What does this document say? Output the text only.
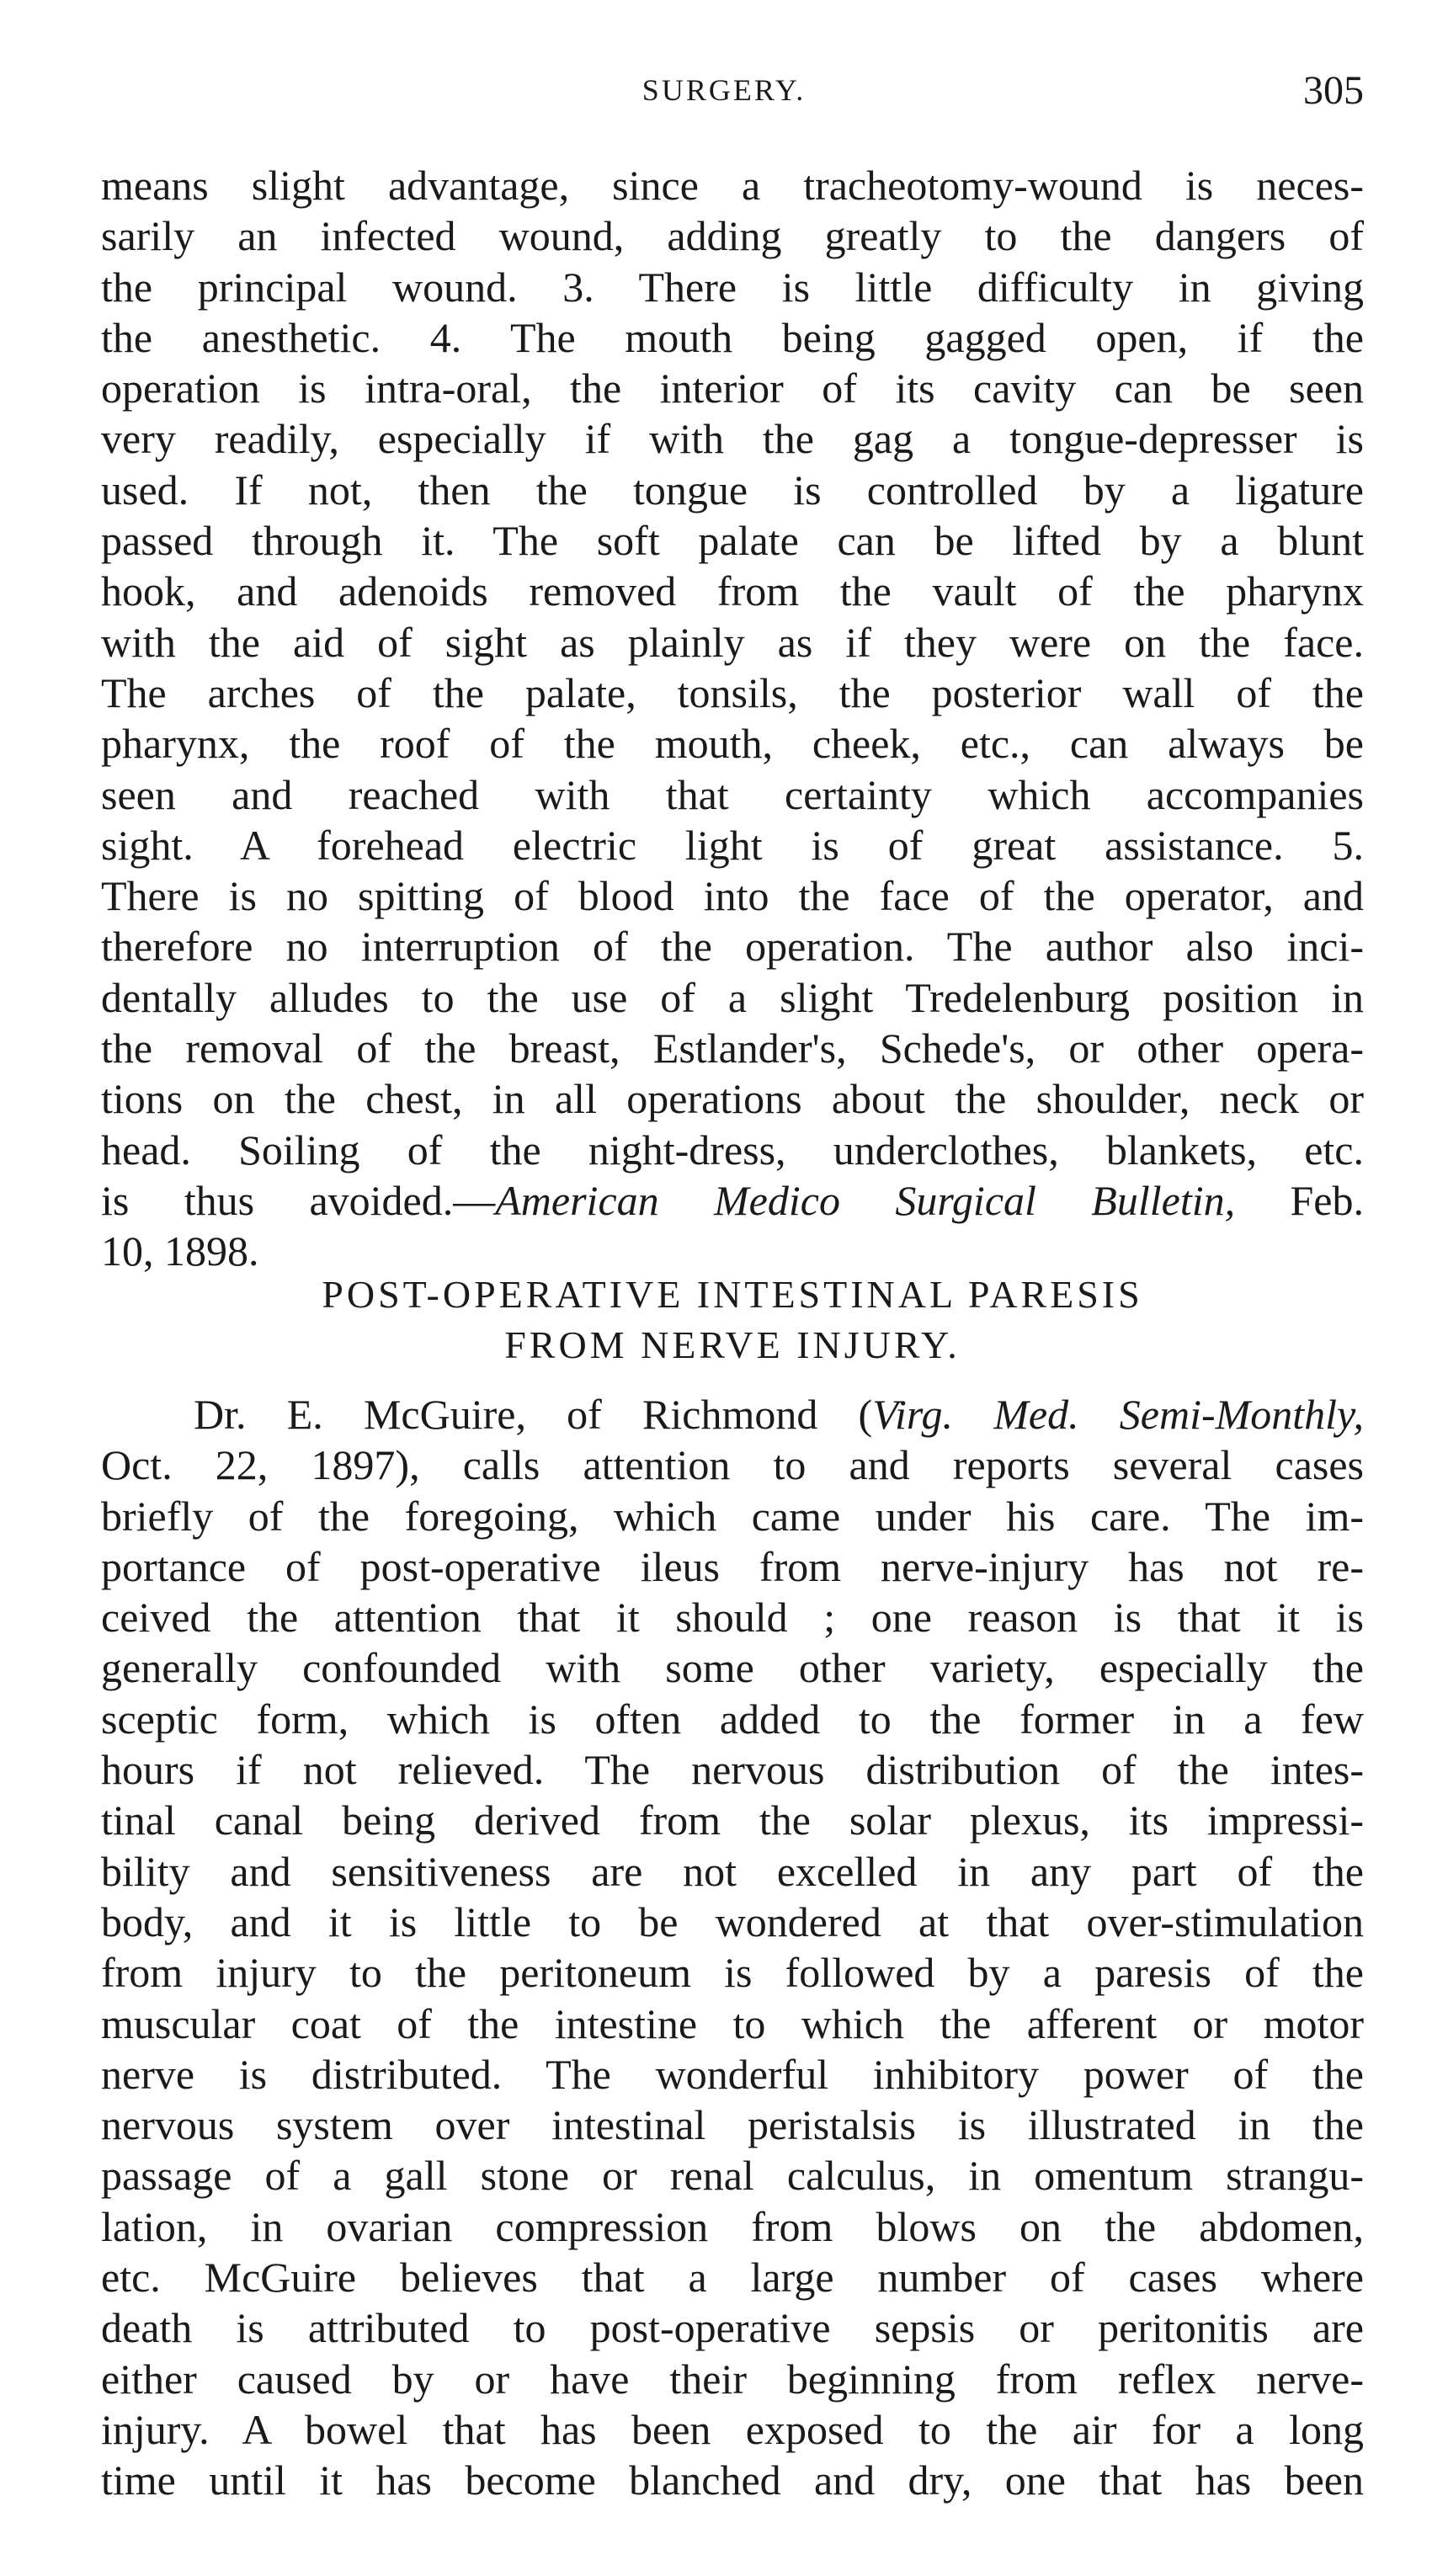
SURGERY.	305
means slight advantage, since a tracheotomy-wound is neces-
sarily an infected wound, adding greatly to the dangers of
the principal wound. 3. There is little difficulty in giving
the anesthetic. 4. The mouth being gagged open, if the
operation is intra-oral, the interior of its cavity can be seen
very readily, especially if with the gag a tongue-depresser is
used. If not, then the tongue is controlled by a ligature
passed through it. The soft palate can be lifted by a blunt
hook, and adenoids removed from the vault of the pharynx
with the aid of sight as plainly as if they were on the face.
The arches of the palate, tonsils, the posterior wall of the
pharynx, the roof of the mouth, cheek, etc., can always be
seen and reached with that certainty which accompanies
sight. A forehead electric light is of great assistance. 5.
There is no spitting of blood into the face of the operator, and
therefore no interruption of the operation. The author also inci-
dentally alludes to the use of a slight Tredelenburg position in
the removal of the breast, Estlander's, Schede's, or other opera-
tions on the chest, in all operations about the shoulder, neck or
head. Soiling of the night-dress, underclothes, blankets, etc.
is thus avoided.—American Medico Surgical Bulletin, Feb.
10, 1898.
POST-OPERATIVE INTESTINAL PARESIS
FROM NERVE INJURY.
Dr. E. McGuire, of Richmond (Virg. Med. Semi-Monthly,
Oct. 22, 1897), calls attention to and reports several cases
briefly of the foregoing, which came under his care. The im-
portance of post-operative ileus from nerve-injury has not re-
ceived the attention that it should ; one reason is that it is
generally confounded with some other variety, especially the
sceptic form, which is often added to the former in a few
hours if not relieved. The nervous distribution of the intes-
tinal canal being derived from the solar plexus, its impressi-
bility and sensitiveness are not excelled in any part of the
body, and it is little to be wondered at that over-stimulation
from injury to the peritoneum is followed by a paresis of the
muscular coat of the intestine to which the afferent or motor
nerve is distributed. The wonderful inhibitory power of the
nervous system over intestinal peristalsis is illustrated in the
passage of a gall stone or renal calculus, in omentum strangu-
lation, in ovarian compression from blows on the abdomen,
etc. McGuire believes that a large number of cases where
death is attributed to post-operative sepsis or peritonitis are
either caused by or have their beginning from reflex nerve-
injury. A bowel that has been exposed to the air for a long
time until it has become blanched and dry, one that has been
